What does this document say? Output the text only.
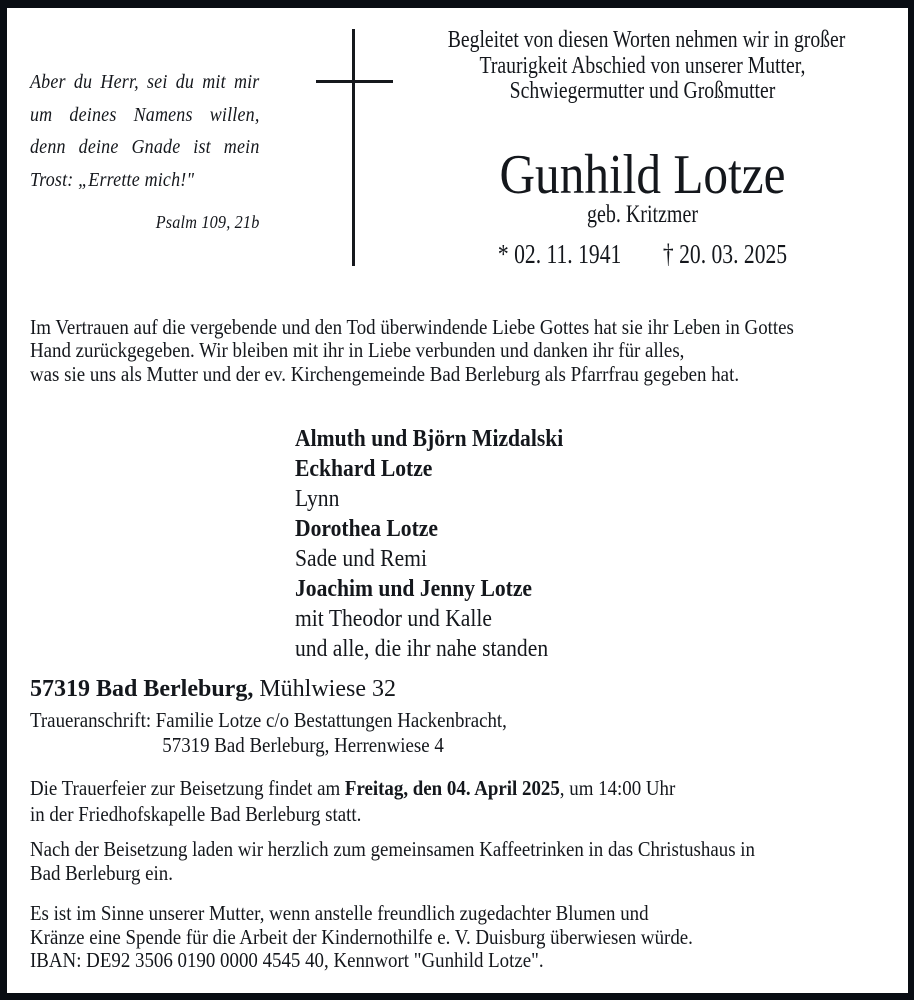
Aber du Herr, sei du mit mir
um deines Namens willen,
denn deine Gnade ist mein
Trost: „Errette mich!"
Psalm 109, 21b
Begleitet von diesen Worten nehmen wir in großer
Traurigkeit Abschied von unserer Mutter,
Schwiegermutter und Großmutter
Gunhild Lotze
geb. Kritzmer
* 02. 11. 1941 † 20. 03. 2025
Im Vertrauen auf die vergebende und den Tod überwindende Liebe Gottes hat sie ihr Leben in Gottes
Hand zurückgegeben. Wir bleiben mit ihr in Liebe verbunden und danken ihr für alles,
was sie uns als Mutter und der ev. Kirchengemeinde Bad Berleburg als Pfarrfrau gegeben hat.
Almuth und Björn Mizdalski
Eckhard Lotze
Lynn
Dorothea Lotze
Sade und Remi
Joachim und Jenny Lotze
mit Theodor und Kalle
und alle, die ihr nahe standen
57319 Bad Berleburg, Mühlwiese 32
Traueranschrift: Familie Lotze c/o Bestattungen Hackenbracht,
57319 Bad Berleburg, Herrenwiese 4
Die Trauerfeier zur Beisetzung findet am Freitag, den 04. April 2025, um 14:00 Uhr
in der Friedhofskapelle Bad Berleburg statt.
Nach der Beisetzung laden wir herzlich zum gemeinsamen Kaffeetrinken in das Christushaus in
Bad Berleburg ein.
Es ist im Sinne unserer Mutter, wenn anstelle freundlich zugedachter Blumen und
Kränze eine Spende für die Arbeit der Kindernothilfe e. V. Duisburg überwiesen würde.
IBAN: DE92 3506 0190 0000 4545 40, Kennwort "Gunhild Lotze".
